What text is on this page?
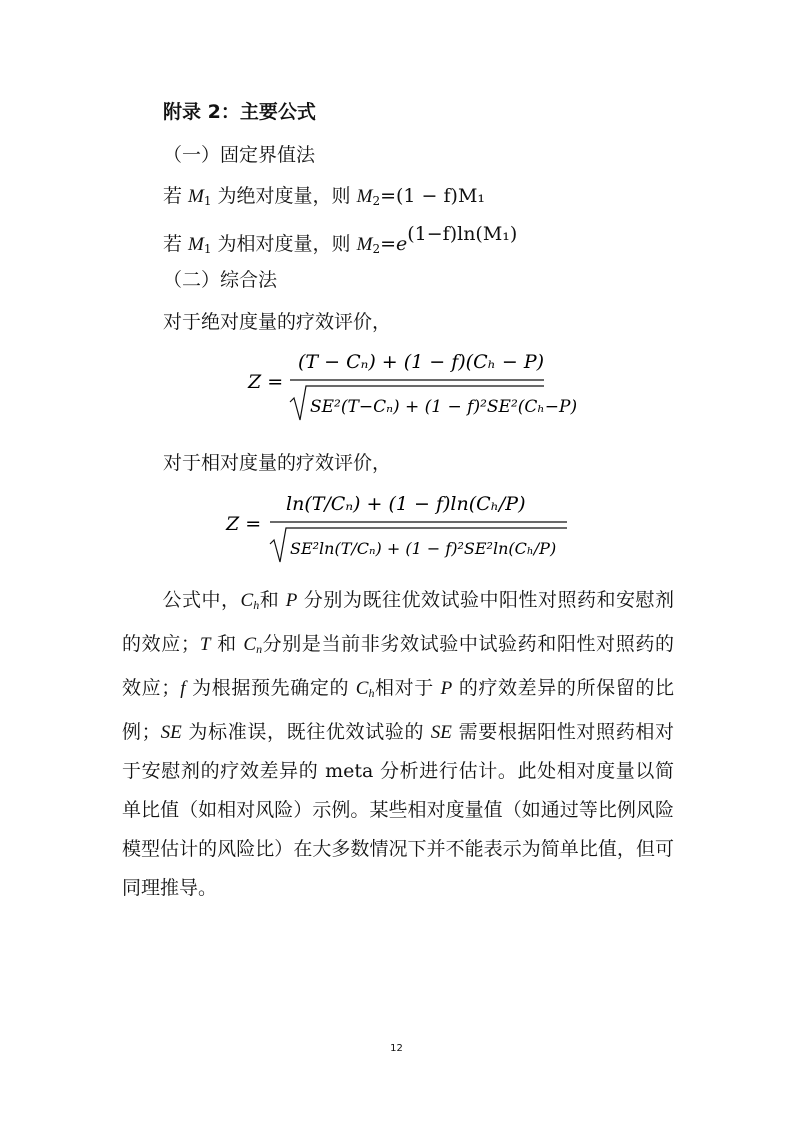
附录 2：主要公式
（一）固定界值法
若 $M_1$ 为绝对度量，则 $M_2=(1 - f)M_1$
若 $M_1$ 为相对度量，则 $M_2=e(1-f)\ln(M_1)$
（二）综合法
对于绝对度量的疗效评价，
Z =
(T − Cₙ) + (1 − f)(Cₕ − P)
SE²(T−Cₙ) + (1 − f)²SE²(Cₕ−P)
对于相对度量的疗效评价，
Z =
ln(T/Cₙ) + (1 − f)ln(Cₕ/P)
SE²ln(T/Cₙ) + (1 − f)²SE²ln(Cₕ/P)
公式中，$C_h$和 P 分别为既往优效试验中阳性对照药和安慰剂的效应；T 和 $C_n$分别是当前非劣效试验中试验药和阳性对照药的效应；f 为根据预先确定的 $C_h$相对于 P 的疗效差异的所保留的比例；SE 为标准误，既往优效试验的 SE 需要根据阳性对照药相对于安慰剂的疗效差异的 meta 分析进行估计。此处相对度量以简单比值（如相对风险）示例。某些相对度量值（如通过等比例风险模型估计的风险比）在大多数情况下并不能表示为简单比值，但可同理推导。
12
